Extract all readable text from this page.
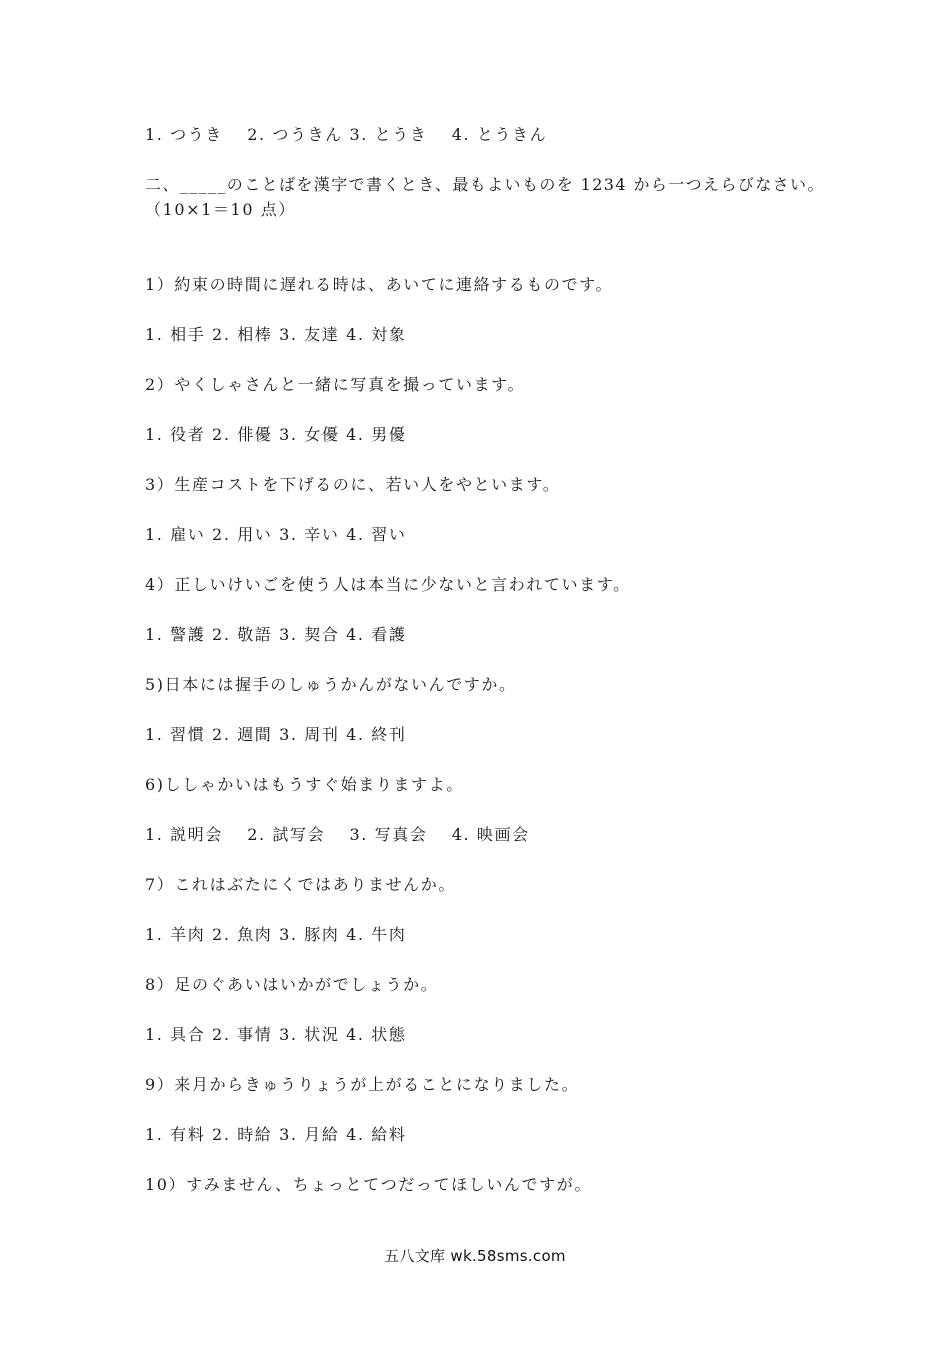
1. つうき　 2. つうきん 3. とうき　 4. とうきん
二、_____のことばを漢字で書くとき、最もよいものを 1234 から一つえらびなさい。
（10×1＝10 点）
1）約束の時間に遅れる時は、あいてに連絡するものです。
1. 相手 2. 相棒 3. 友達 4. 対象
2）やくしゃさんと一緒に写真を撮っています。
1. 役者 2. 俳優 3. 女優 4. 男優
3）生産コストを下げるのに、若い人をやといます。
1. 雇い 2. 用い 3. 辛い 4. 習い
4）正しいけいごを使う人は本当に少ないと言われています。
1. 警護 2. 敬語 3. 契合 4. 看護
5)日本には握手のしゅうかんがないんですか。
1. 習慣 2. 週間 3. 周刊 4. 終刊
6)ししゃかいはもうすぐ始まりますよ。
1. 説明会　 2. 試写会　 3. 写真会　 4. 映画会
7）これはぶたにくではありませんか。
1. 羊肉 2. 魚肉 3. 豚肉 4. 牛肉
8）足のぐあいはいかがでしょうか。
1. 具合 2. 事情 3. 状況 4. 状態
9）来月からきゅうりょうが上がることになりました。
1. 有料 2. 時給 3. 月給 4. 給料
10）すみません、ちょっとてつだってほしいんですが。
五八文库 wk.58sms.com
